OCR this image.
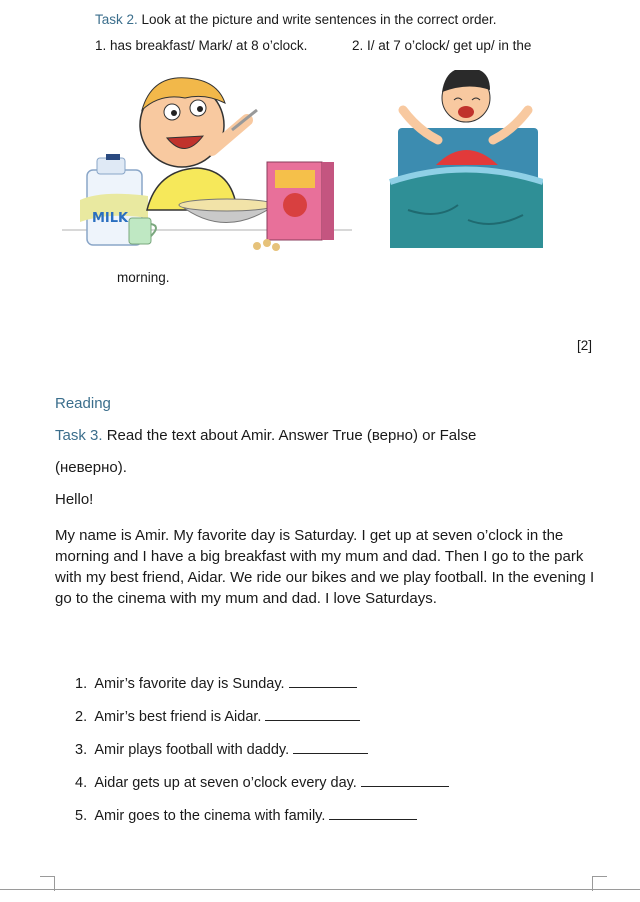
Task 2. Look at the picture and write sentences in the correct order.
1. has breakfast/ Mark/ at 8 o’clock.	2. I/ at 7 o’clock/ get up/ in the
MILK
morning.
[2]
Reading
Task 3. Read the text about Amir. Answer True (верно) or False
(неверно).
Hello!
My name is Amir. My favorite day is Saturday. I get up at seven o’clock in the morning and I have a big breakfast with my mum and dad. Then I go to the park with my best friend, Aidar. We ride our bikes and we play football. In the evening I go to the cinema with my mum and dad. I love Saturdays.
1. Amir’s favorite day is Sunday.
2. Amir’s best friend is Aidar.
3. Amir plays football with daddy.
4. Aidar gets up at seven o’clock every day.
5. Amir goes to the cinema with family.
